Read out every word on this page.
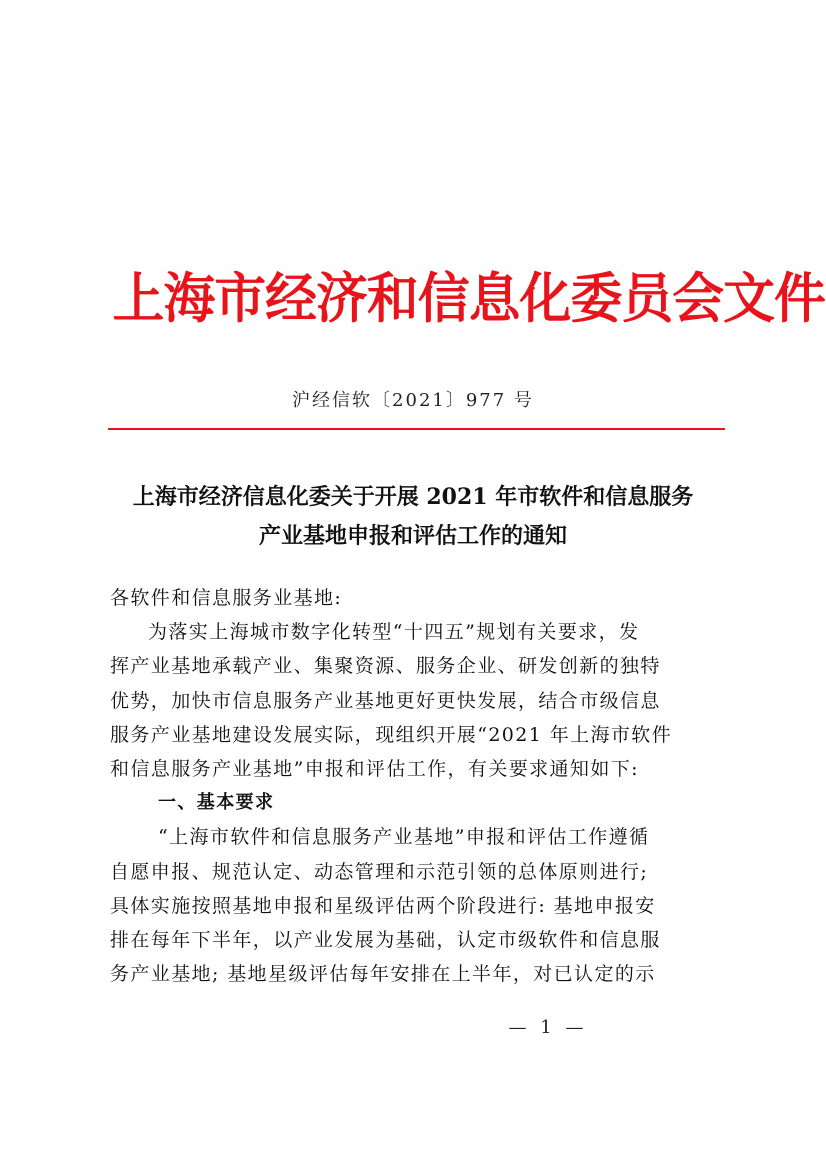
上海市经济和信息化委员会文件
沪经信软〔2021〕977 号
上海市经济信息化委关于开展 2021 年市软件和信息服务
产业基地申报和评估工作的通知
各软件和信息服务业基地:
为落实上海城市数字化转型“十四五”规划有关要求，发
挥产业基地承载产业、集聚资源、服务企业、研发创新的独特
优势，加快市信息服务产业基地更好更快发展，结合市级信息
服务产业基地建设发展实际，现组织开展“2021 年上海市软件
和信息服务产业基地”申报和评估工作，有关要求通知如下:
一、基本要求
“上海市软件和信息服务产业基地”申报和评估工作遵循
自愿申报、规范认定、动态管理和示范引领的总体原则进行;
具体实施按照基地申报和星级评估两个阶段进行: 基地申报安
排在每年下半年，以产业发展为基础，认定市级软件和信息服
务产业基地; 基地星级评估每年安排在上半年，对已认定的示
— 1 —
